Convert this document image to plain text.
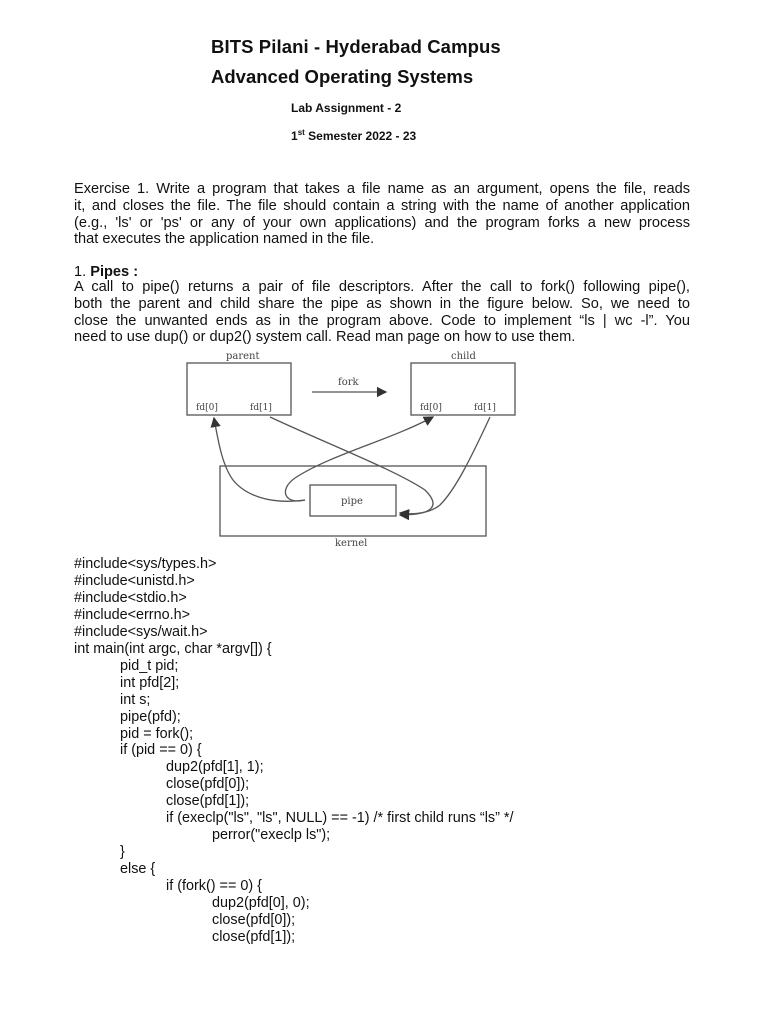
BITS Pilani - Hyderabad Campus
Advanced Operating Systems
Lab Assignment - 2
1st Semester 2022 - 23
Exercise 1. Write a program that takes a file name as an argument, opens the file, reads
it, and closes the file. The file should contain a string with the name of another application
(e.g., 'ls' or 'ps' or any of your own applications) and the program forks a new process
that executes the application named in the file.
1. Pipes :
A call to pipe() returns a pair of file descriptors. After the call to fork() following pipe(),
both the parent and child share the pipe as shown in the figure below. So, we need to
close the unwanted ends as in the program above. Code to implement “ls | wc -l”. You
need to use dup() or dup2() system call. Read man page on how to use them.
parent	child
fork
fd[0]	fd[1]	fd[0]	fd[1]
pipe
kernel
#include<sys/types.h>
#include<unistd.h>
#include<stdio.h>
#include<errno.h>
#include<sys/wait.h>
int main(int argc, char *argv[]) {
pid_t pid;
int pfd[2];
int s;
pipe(pfd);
pid = fork();
if (pid == 0) {
dup2(pfd[1], 1);
close(pfd[0]);
close(pfd[1]);
if (execlp("ls", "ls", NULL) == -1) /* first child runs “ls” */
perror("execlp ls");
}
else {
if (fork() == 0) {
dup2(pfd[0], 0);
close(pfd[0]);
close(pfd[1]);
